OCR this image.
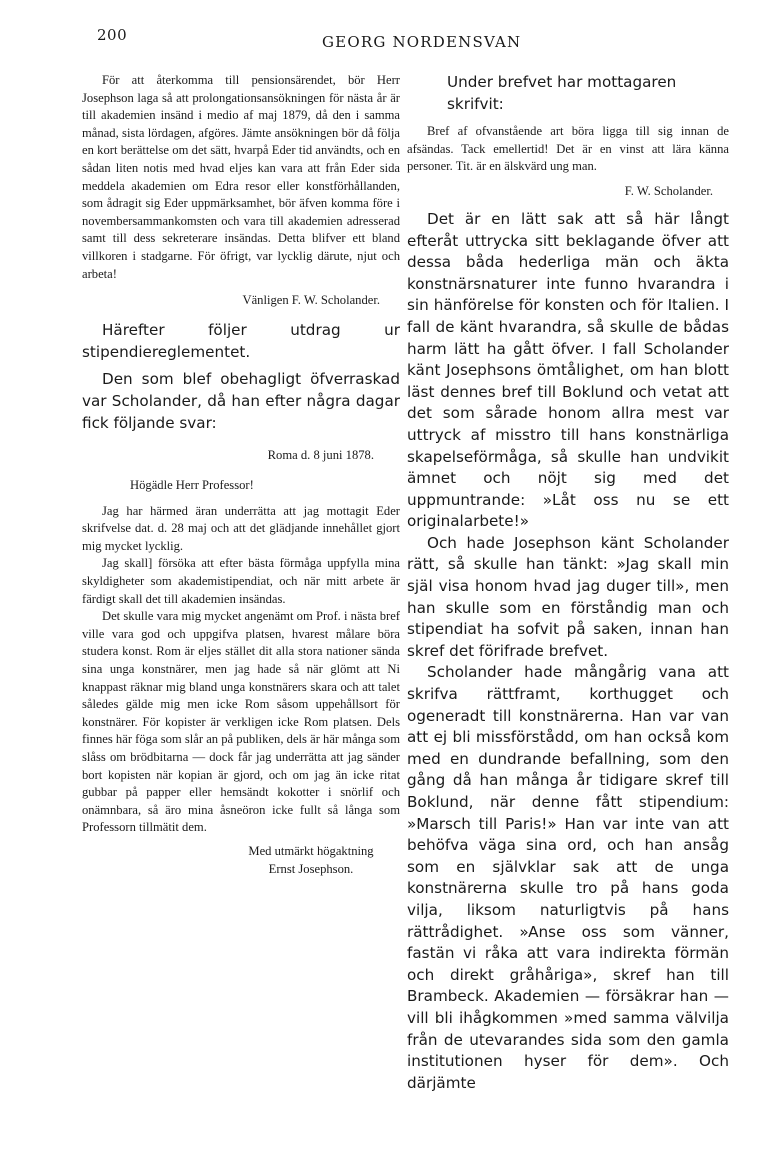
200	GEORG NORDENSVAN

För att återkomma till pensionsärendet, bör Herr Josephson laga så att prolongationsansökningen för nästa år är till akademien insänd i medio af maj 1879, då den i samma månad, sista lördagen, afgöres. Jämte ansökningen bör då följa en kort berättelse om det sätt, hvarpå Eder tid användts, och en sådan liten notis med hvad eljes kan vara att från Eder sida meddela akademien om Edra resor eller konstförhållanden, som ådragit sig Eder uppmärksamhet, bör äfven komma före i novembersammankomsten och vara till akademien adresserad samt till dess sekreterare insändas. Detta blifver ett bland villkoren i stadgarne. För öfrigt, var lycklig därute, njut och arbeta!

Vänligen F. W. Scholander.

Härefter följer utdrag ur stipendiereglementet.

Den som blef obehagligt öfverraskad var Scholander, då han efter några dagar fick följande svar:

Roma d. 8 juni 1878.

Högädle Herr Professor!

Jag har härmed äran underrätta att jag mottagit Eder skrifvelse dat. d. 28 maj och att det glädjande innehållet gjort mig mycket lycklig.

Jag skall] försöka att efter bästa förmåga uppfylla mina skyldigheter som akademistipendiat, och när mitt arbete är färdigt skall det till akademien insändas.

Det skulle vara mig mycket angenämt om Prof. i nästa bref ville vara god och uppgifva platsen, hvarest målare böra studera konst. Rom är eljes stället dit alla stora nationer sända sina unga konstnärer, men jag hade så när glömt att Ni knappast räknar mig bland unga konstnärers skara och att talet således gälde mig men icke Rom såsom uppehållsort för konstnärer. För kopister är verkligen icke Rom platsen. Dels finnes här föga som slår an på publiken, dels är här många som slåss om brödbitarna — dock får jag underrätta att jag sänder bort kopisten när kopian är gjord, och om jag än icke ritat gubbar på papper eller hemsändt kokotter i snörlif och onämnbara, så äro mina åsneöron icke fullt så långa som Professorn tillmätit dem.

Med utmärkt högaktning

Ernst Josephson.

Under brefvet har mottagaren skrifvit:

Bref af ofvanstående art böra ligga till sig innan de afsändas. Tack emellertid! Det är en vinst att lära känna personer. Tit. är en älskvärd ung man.

F. W. Scholander.

Det är en lätt sak att så här långt efteråt uttrycka sitt beklagande öfver att dessa båda hederliga män och äkta konstnärsnaturer inte funno hvarandra i sin hänförelse för konsten och för Italien. I fall de känt hvarandra, så skulle de bådas harm lätt ha gått öfver. I fall Scholander känt Josephsons ömtålighet, om han blott läst dennes bref till Boklund och vetat att det som sårade honom allra mest var uttryck af misstro till hans konstnärliga skapelseförmåga, så skulle han undvikit ämnet och nöjt sig med det uppmuntrande: »Låt oss nu se ett originalarbete!»

Och hade Josephson känt Scholander rätt, så skulle han tänkt: »Jag skall min själ visa honom hvad jag duger till», men han skulle som en förståndig man och stipendiat ha sofvit på saken, innan han skref det förifrade brefvet.

Scholander hade mångårig vana att skrifva rättframt, korthugget och ogeneradt till konstnärerna. Han var van att ej bli missförstådd, om han också kom med en dundrande befallning, som den gång då han många år tidigare skref till Boklund, när denne fått stipendium: »Marsch till Paris!» Han var inte van att behöfva väga sina ord, och han ansåg som en självklar sak att de unga konstnärerna skulle tro på hans goda vilja, liksom naturligtvis på hans rättrådighet. »Anse oss som vänner, fastän vi råka att vara indirekta förmän och direkt gråhåriga», skref han till Brambeck. Akademien — försäkrar han — vill bli ihågkommen »med samma välvilja från de utevarandes sida som den gamla institutionen hyser för dem». Och därjämte
